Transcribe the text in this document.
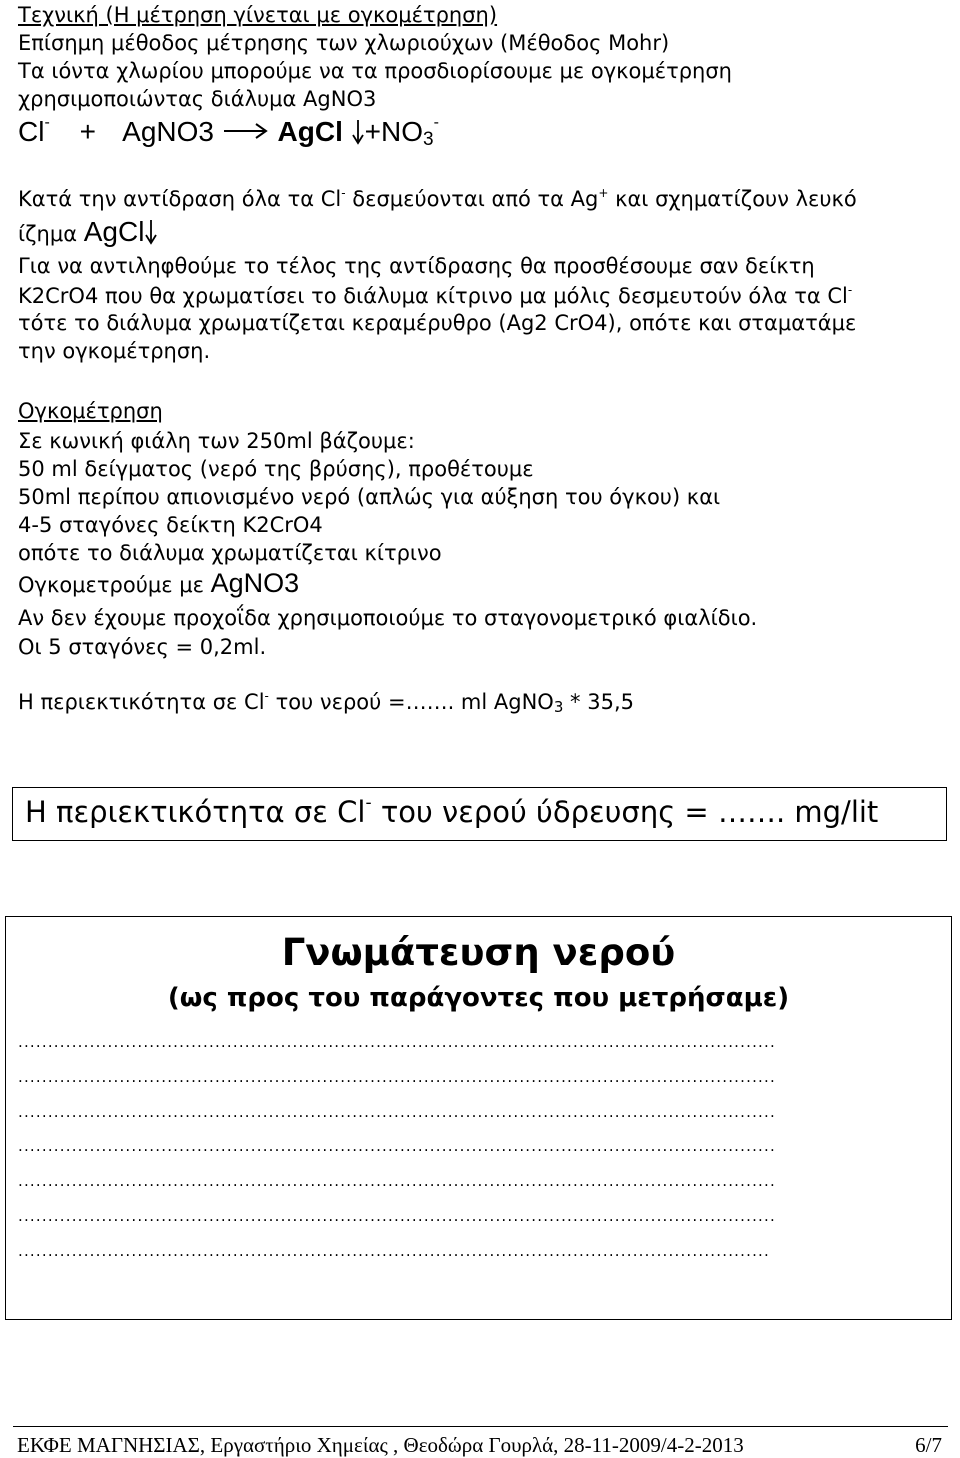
Τεχνική (Η μέτρηση γίνεται με ογκομέτρηση)
Επίσημη μέθοδος μέτρησης των χλωριούχων (Μέθοδος Mohr)
Τα ιόντα χλωρίου μπορούμε να τα προσδιορίσουμε με ογκομέτρηση
χρησιμοποιώντας διάλυμα AgNO3
Cl- + AgNO3 AgCl +NO3-
Κατά την αντίδραση όλα τα Cl- δεσμεύονται από τα Ag+ και σχηματίζουν λευκό
ίζημα AgCl
Για να αντιληφθούμε το τέλος της αντίδρασης θα προσθέσουμε σαν δείκτη
K2CrO4 που θα χρωματίσει το διάλυμα κίτρινο μα μόλις δεσμευτούν όλα τα Cl-
τότε το διάλυμα χρωματίζεται κεραμέρυθρο (Ag2 CrO4), οπότε και σταματάμε
την ογκομέτρηση.
Ογκομέτρηση
Σε κωνική φιάλη των 250ml βάζουμε:
50 ml δείγματος (νερό της βρύσης), προθέτουμε
50ml περίπου απιονισμένο νερό (απλώς για αύξηση του όγκου) και
4-5 σταγόνες δείκτη K2CrO4
οπότε το διάλυμα χρωματίζεται κίτρινο
Ογκομετρούμε με AgNO3
Αν δεν έχουμε προχοΐδα χρησιμοποιούμε το σταγονομετρικό φιαλίδιο.
Οι 5 σταγόνες = 0,2ml.
Η περιεκτικότητα σε Cl- του νερού =……. ml AgNO3 * 35,5
Η περιεκτικότητα σε Cl- του νερού ύδρευσης = ……. mg/lit
Γνωμάτευση νερού
(ως προς του παράγοντες που μετρήσαμε)
...............................................................................................................................
...............................................................................................................................
...............................................................................................................................
...............................................................................................................................
...............................................................................................................................
...............................................................................................................................
..............................................................................................................................
ΕΚΦΕ ΜΑΓΝΗΣΙΑΣ, Εργαστήριο Χημείας , Θεοδώρα Γουρλά, 28-11-2009/4-2-2013	6/7
